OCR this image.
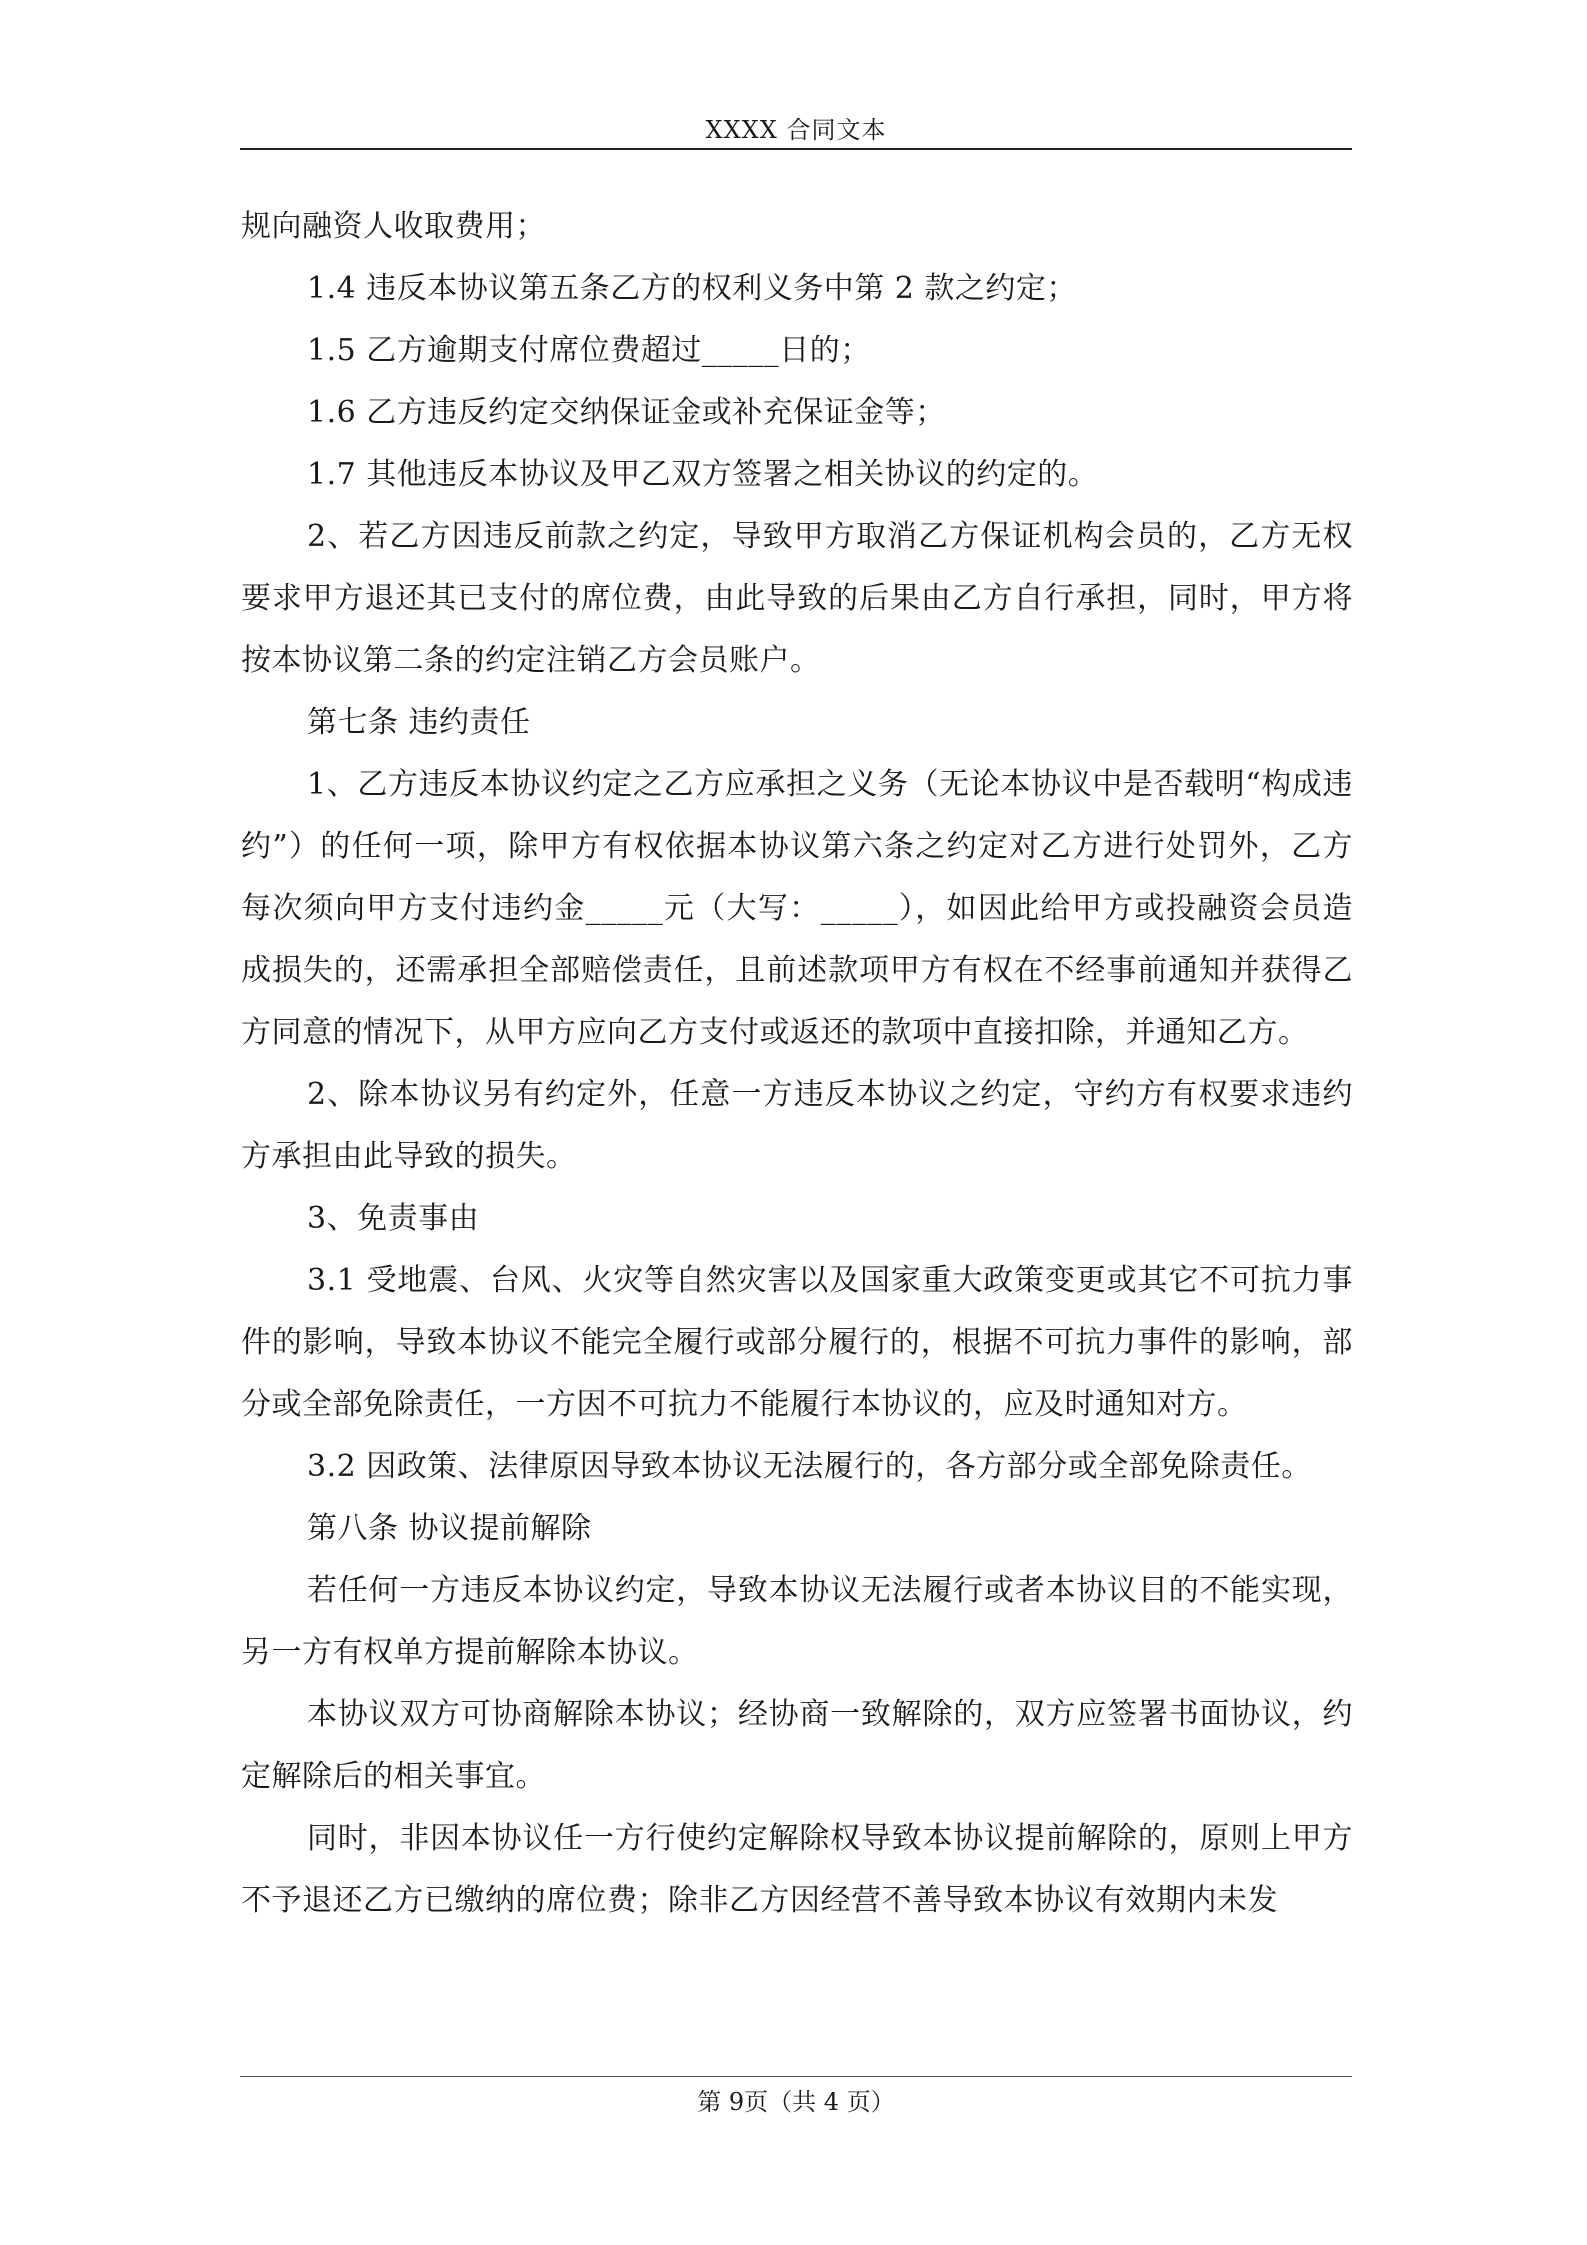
XXXX 合同文本

规向融资人收取费用；

1.4 违反本协议第五条乙方的权利义务中第 2 款之约定；

1.5 乙方逾期支付席位费超过_____日的；

1.6 乙方违反约定交纳保证金或补充保证金等；

1.7 其他违反本协议及甲乙双方签署之相关协议的约定的。

2、若乙方因违反前款之约定，导致甲方取消乙方保证机构会员的，乙方无权要求甲方退还其已支付的席位费，由此导致的后果由乙方自行承担，同时，甲方将按本协议第二条的约定注销乙方会员账户。

第七条 违约责任

1、乙方违反本协议约定之乙方应承担之义务（无论本协议中是否载明“构成违约”）的任何一项，除甲方有权依据本协议第六条之约定对乙方进行处罚外，乙方每次须向甲方支付违约金_____元（大写：_____），如因此给甲方或投融资会员造成损失的，还需承担全部赔偿责任，且前述款项甲方有权在不经事前通知并获得乙方同意的情况下，从甲方应向乙方支付或返还的款项中直接扣除，并通知乙方。

2、除本协议另有约定外，任意一方违反本协议之约定，守约方有权要求违约方承担由此导致的损失。

3、免责事由

3.1 受地震、台风、火灾等自然灾害以及国家重大政策变更或其它不可抗力事件的影响，导致本协议不能完全履行或部分履行的，根据不可抗力事件的影响，部分或全部免除责任，一方因不可抗力不能履行本协议的，应及时通知对方。

3.2 因政策、法律原因导致本协议无法履行的，各方部分或全部免除责任。

第八条 协议提前解除

若任何一方违反本协议约定，导致本协议无法履行或者本协议目的不能实现，另一方有权单方提前解除本协议。

本协议双方可协商解除本协议；经协商一致解除的，双方应签署书面协议，约定解除后的相关事宜。

同时，非因本协议任一方行使约定解除权导致本协议提前解除的，原则上甲方不予退还乙方已缴纳的席位费；除非乙方因经营不善导致本协议有效期内未发

第 9页（共 4 页）
